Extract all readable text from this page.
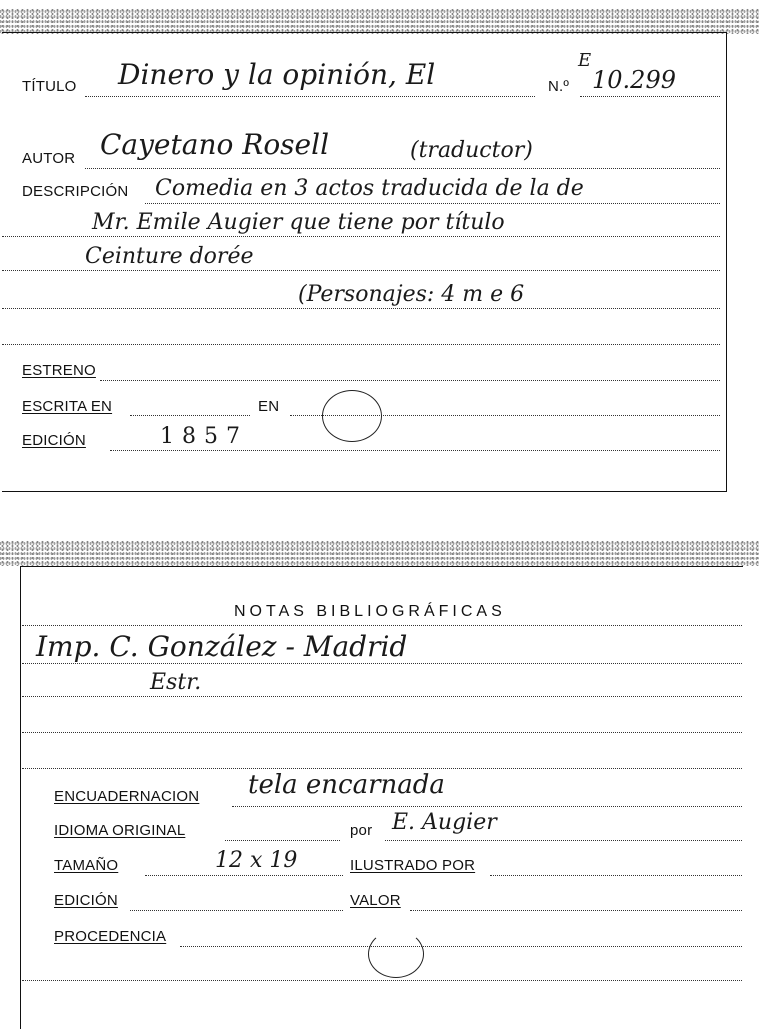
TÍTULO Dinero y la opinión, El	N.º
E
10.299
AUTOR Cayetano Rosell	(traductor)
DESCRIPCIÓN Comedia en 3 actos traducida de la de
Mr. Emile Augier que tiene por título
Ceinture dorée
(Personajes: 4 m e 6
ESTRENO
ESCRITA EN	EN
EDICIÓN	1857
NOTAS BIBLIOGRÁFICAS
Imp. C. González - Madrid
Estr.
ENCUADERNACION tela encarnada
IDIOMA ORIGINAL	por E. Augier
TAMAÑO	12 x 19	ILUSTRADO POR
EDICIÓN	VALOR
PROCEDENCIA
